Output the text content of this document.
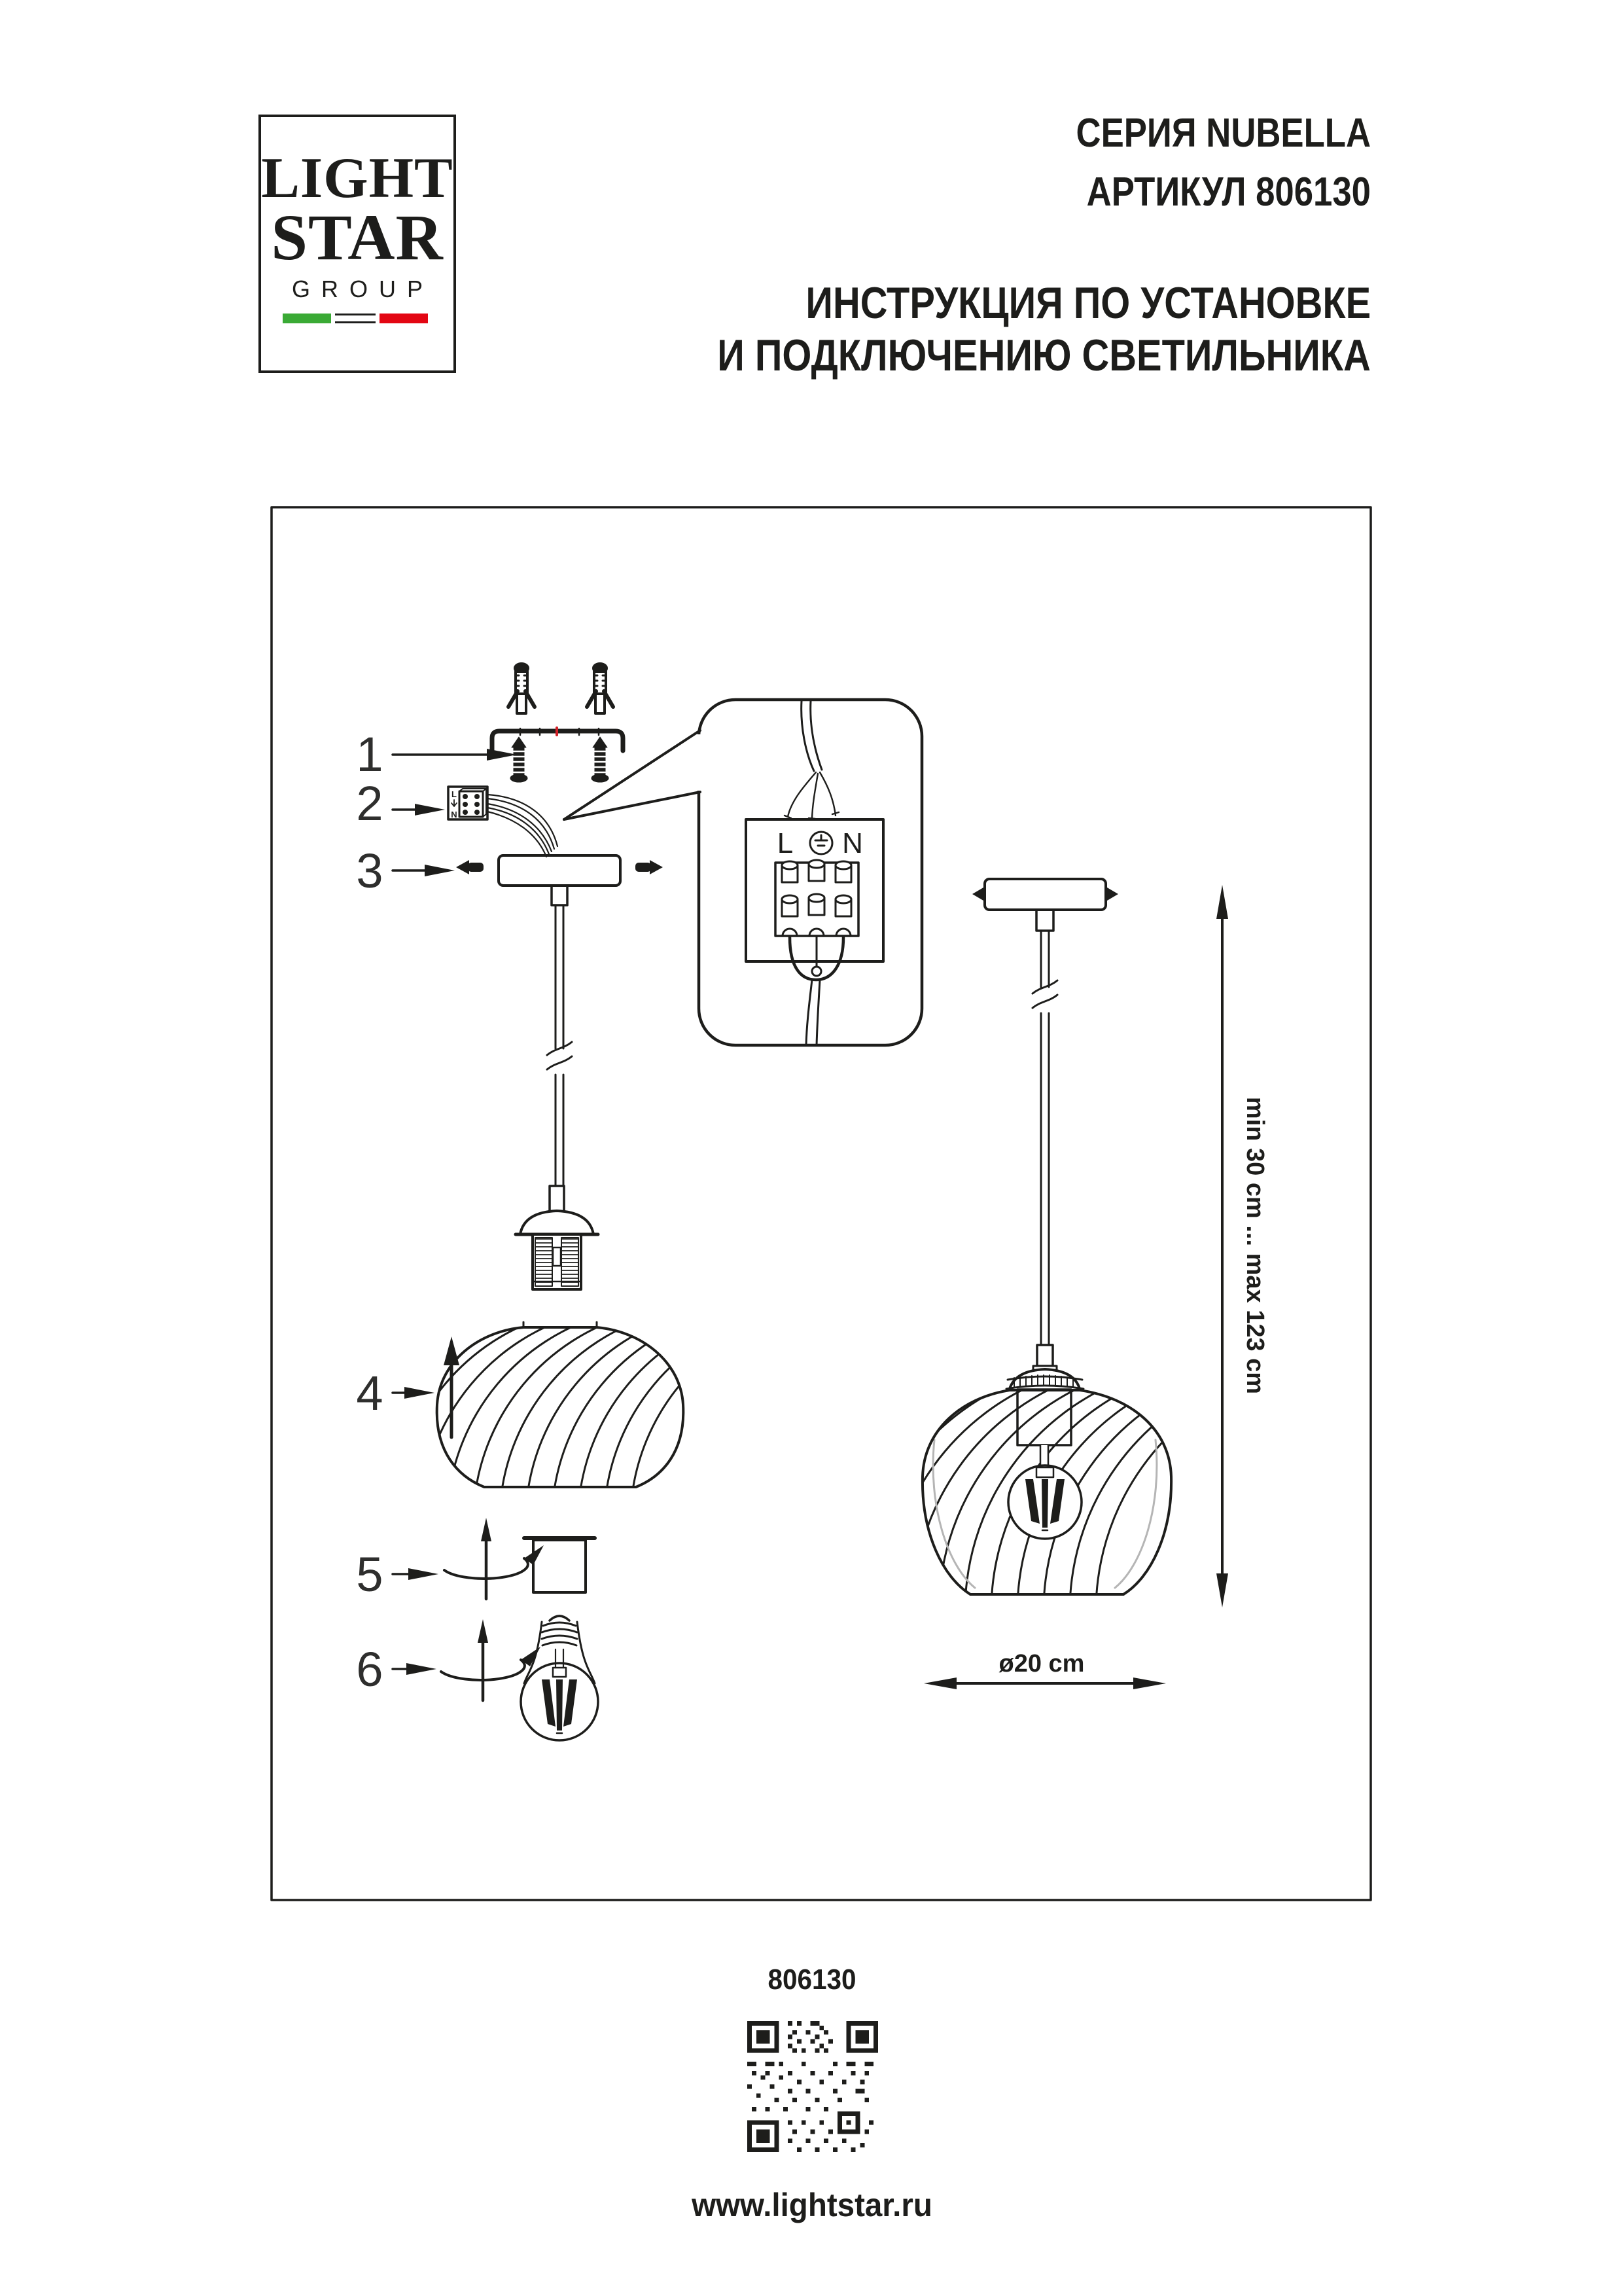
LIGHT
STAR
GROUP
СЕРИЯ NUBELLA
АРТИКУЛ 806130
ИНСТРУКЦИЯ ПО УСТАНОВКЕ
И ПОДКЛЮЧЕНИЮ СВЕТИЛЬНИКА
1
L
N
2
L N
3
4
5
6
min 30 cm ... max 123 cm
ø20 cm
806130
www.lightstar.ru
